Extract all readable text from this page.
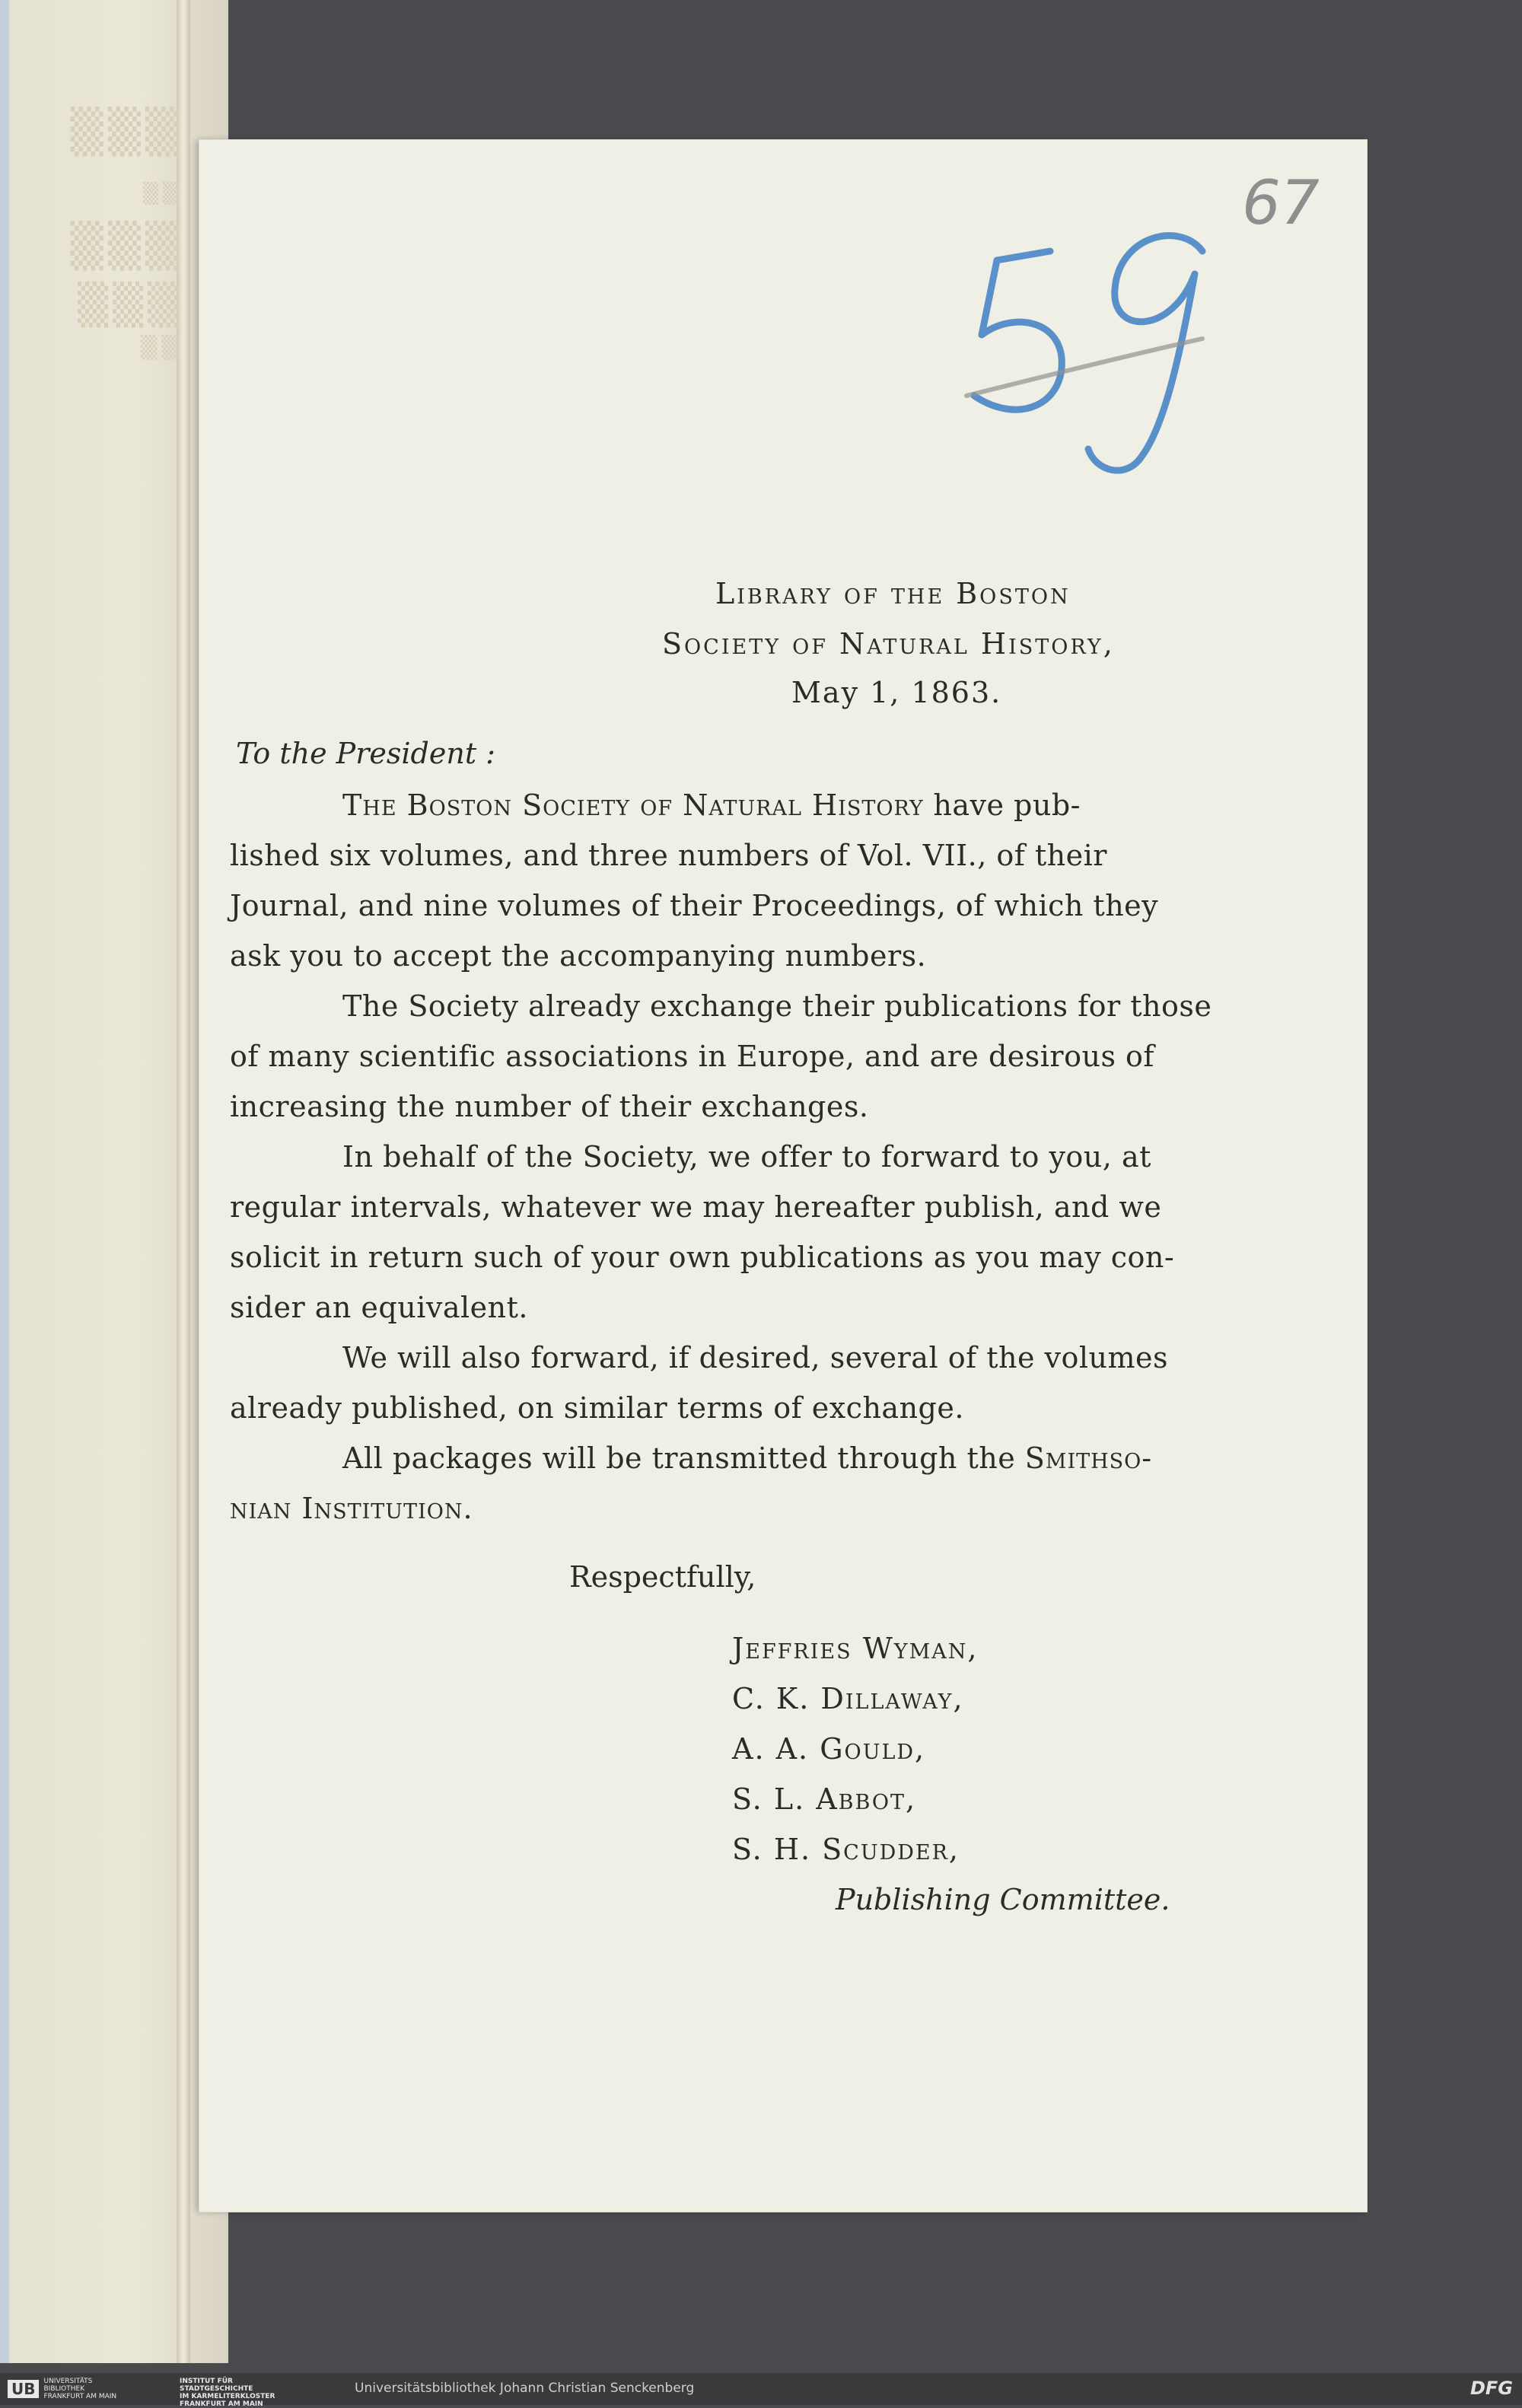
▒▒▒
▒▒
▒▒▒
▒▒▒
▒▒
67
Library of the Boston
Society of Natural History,
May 1, 1863.
To the President :
The Boston Society of Natural History have pub-
lished six volumes, and three numbers of Vol. VII., of their
Journal, and nine volumes of their Proceedings, of which they
ask you to accept the accompanying numbers.
The Society already exchange their publications for those
of many scientific associations in Europe, and are desirous of
increasing the number of their exchanges.
In behalf of the Society, we offer to forward to you, at
regular intervals, whatever we may hereafter publish, and we
solicit in return such of your own publications as you may con-
sider an equivalent.
We will also forward, if desired, several of the volumes
already published, on similar terms of exchange.
All packages will be transmitted through the Smithso-
nian Institution.
Respectfully,
Jeffries Wyman,
C. K. Dillaway,
A. A. Gould,
S. L. Abbot,
S. H. Scudder,
Publishing Committee.
UB	UNIVERSITÄTS
BIBLIOTHEK
FRANKFURT AM MAIN
INSTITUT FÜR
STADTGESCHICHTE
IM KARMELITERKLOSTER
FRANKFURT AM MAIN
Universitätsbibliothek Johann Christian Senckenberg	DFG
